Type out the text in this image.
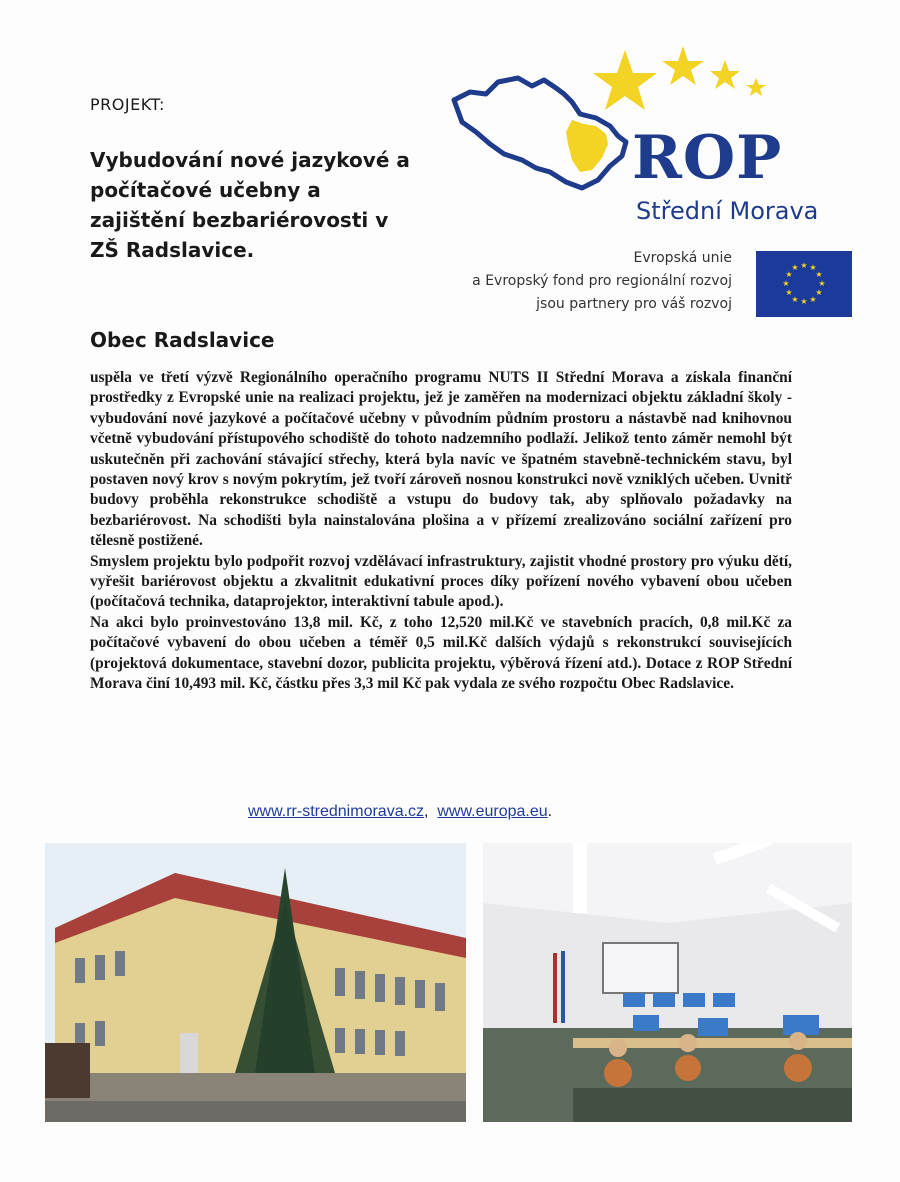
PROJEKT:
Vybudování nové jazykové a počítačové učebny a zajištění bezbariérovosti v ZŠ Radslavice.
Obec Radslavice
ROP
Střední Morava
Evropská unie
a Evropský fond pro regionální rozvoj
jsou partnery pro váš rozvoj
★ ★
★
★
★
★
★
★
★
★
★
★

uspěla ve třetí výzvě Regionálního operačního programu NUTS II Střední Morava a získala finanční prostředky z Evropské unie na realizaci projektu, jež je zaměřen na modernizaci objektu základní školy - vybudování nové jazykové a počítačové učebny v původním půdním prostoru a nástavbě nad knihovnou včetně vybudování přístupového schodiště do tohoto nadzemního podlaží. Jelikož tento záměr nemohl být uskutečněn při zachování stávající střechy, která byla navíc ve špatném stavebně-technickém stavu, byl postaven nový krov s novým pokrytím, jež tvoří zároveň nosnou konstrukci nově vzniklých učeben. Uvnitř budovy proběhla rekonstrukce schodiště a vstupu do budovy tak, aby splňovalo požadavky na bezbariérovost. Na schodišti byla nainstalována plošina a v přízemí zrealizováno sociální zařízení pro tělesně postižené.

Smyslem projektu bylo podpořit rozvoj vzdělávací infrastruktury, zajistit vhodné prostory pro výuku dětí, vyřešit bariérovost objektu a zkvalitnit edukativní proces díky pořízení nového vybavení obou učeben (počítačová technika, dataprojektor, interaktivní tabule apod.).

Na akci bylo proinvestováno 13,8 mil. Kč, z toho 12,520 mil.Kč ve stavebních pracích, 0,8 mil.Kč za počítačové vybavení do obou učeben a téměř 0,5 mil.Kč dalších výdajů s rekonstrukcí souvisejících (projektová dokumentace, stavební dozor, publicita projektu, výběrová řízení atd.). Dotace z ROP Střední Morava činí 10,493 mil. Kč, částku přes 3,3 mil Kč pak vydala ze svého rozpočtu Obec Radslavice.

www.rr-strednimorava.cz, www.europa.eu.
